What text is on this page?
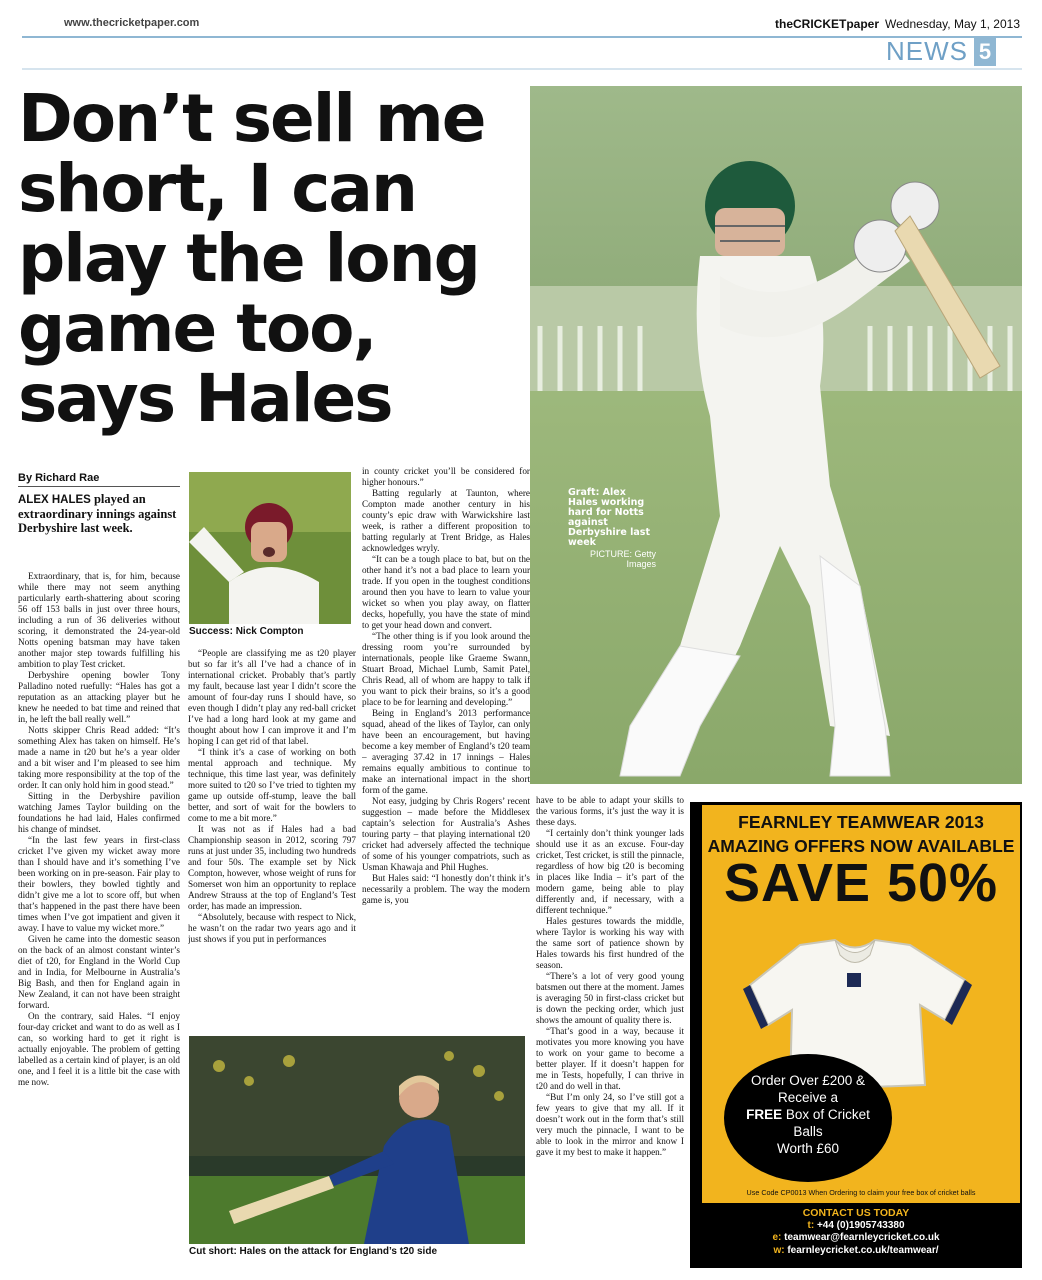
www.thecricketpaper.com	theCRICKETpaper Wednesday, May 1, 2013
NEWS 5
Don’t sell me short, I can play the long game too, says Hales
Graft: Alex Hales working hard for Notts against Derbyshire last week
PICTURE: Getty
Images
By Richard Rae
ALEX HALES played an extraordinary innings against Derbyshire last week.

Extraordinary, that is, for him, because while there may not seem anything particularly earth-shattering about scoring 56 off 153 balls in just over three hours, including a run of 36 deliveries without scoring, it demonstrated the 24-year-old Notts opening batsman may have taken another major step towards fulfilling his ambition to play Test cricket.

Derbyshire opening bowler Tony Palladino noted ruefully: “Hales has got a reputation as an attacking player but he knew he needed to bat time and reined that in, he left the ball really well.”

Notts skipper Chris Read added: “It’s something Alex has taken on himself. He’s made a name in t20 but he’s a year older and a bit wiser and I’m pleased to see him taking more responsibility at the top of the order. It can only hold him in good stead.”

Sitting in the Derbyshire pavilion watching James Taylor building on the foundations he had laid, Hales confirmed his change of mindset.

“In the last few years in first-class cricket I’ve given my wicket away more than I should have and it’s something I’ve been working on in pre-season. Fair play to their bowlers, they bowled tightly and didn’t give me a lot to score off, but when that’s happened in the past there have been times when I’ve got impatient and given it away. I have to value my wicket more.”

Given he came into the domestic season on the back of an almost constant winter’s diet of t20, for England in the World Cup and in India, for Melbourne in Australia’s Big Bash, and then for England again in New Zealand, it can not have been straight forward.

On the contrary, said Hales. “I enjoy four-day cricket and want to do as well as I can, so working hard to get it right is actually enjoyable. The problem of getting labelled as a certain kind of player, is an old one, and I feel it is a little bit the case with me now.

Success: Nick Compton

“People are classifying me as t20 player but so far it’s all I’ve had a chance of in international cricket. Probably that’s partly my fault, because last year I didn’t score the amount of four-day runs I should have, so even though I didn’t play any red-ball cricket I’ve had a long hard look at my game and thought about how I can improve it and I’m hoping I can get rid of that label.

“I think it’s a case of working on both mental approach and technique. My technique, this time last year, was definitely more suited to t20 so I’ve tried to tighten my game up outside off-stump, leave the ball better, and sort of wait for the bowlers to come to me a bit more.”

It was not as if Hales had a bad Championship season in 2012, scoring 797 runs at just under 35, including two hundreds and four 50s. The example set by Nick Compton, however, whose weight of runs for Somerset won him an opportunity to replace Andrew Strauss at the top of England’s Test order, has made an impression.

“Absolutely, because with respect to Nick, he wasn’t on the radar two years ago and it just shows if you put in performances

in county cricket you’ll be considered for higher honours.”

Batting regularly at Taunton, where Compton made another century in his county’s epic draw with Warwickshire last week, is rather a different proposition to batting regularly at Trent Bridge, as Hales acknowledges wryly.

“It can be a tough place to bat, but on the other hand it’s not a bad place to learn your trade. If you open in the toughest conditions around then you have to learn to value your wicket so when you play away, on flatter decks, hopefully, you have the state of mind to get your head down and convert.

“The other thing is if you look around the dressing room you’re surrounded by internationals, people like Graeme Swann, Stuart Broad, Michael Lumb, Samit Patel, Chris Read, all of whom are happy to talk if you want to pick their brains, so it’s a good place to be for learning and developing.”

Being in England’s 2013 performance squad, ahead of the likes of Taylor, can only have been an encouragement, but having become a key member of England’s t20 team – averaging 37.42 in 17 innings – Hales remains equally ambitious to continue to make an international impact in the short form of the game.

Not easy, judging by Chris Rogers’ recent suggestion – made before the Middlesex captain’s selection for Australia’s Ashes touring party – that playing international t20 cricket had adversely affected the technique of some of his younger compatriots, such as Usman Khawaja and Phil Hughes.

But Hales said: “I honestly don’t think it’s necessarily a problem. The way the modern game is, you

Cut short: Hales on the attack for England’s t20 side

have to be able to adapt your skills to the various forms, it’s just the way it is these days.

“I certainly don’t think younger lads should use it as an excuse. Four-day cricket, Test cricket, is still the pinnacle, regardless of how big t20 is becoming in places like India – it’s part of the modern game, being able to play differently and, if necessary, with a different technique.”

Hales gestures towards the middle, where Taylor is working his way with the same sort of patience shown by Hales towards his first hundred of the season.

“There’s a lot of very good young batsmen out there at the moment. James is averaging 50 in first-class cricket but is down the pecking order, which just shows the amount of quality there is.

“That’s good in a way, because it motivates you more knowing you have to work on your game to become a better player. If it doesn’t happen for me in Tests, hopefully, I can thrive in t20 and do well in that.

“But I’m only 24, so I’ve still got a few years to give that my all. If it doesn’t work out in the form that’s still very much the pinnacle, I want to be able to look in the mirror and know I gave it my best to make it happen.”

FEARNLEY TEAMWEAR 2013
AMAZING OFFERS NOW AVAILABLE
SAVE 50%
Order Over £200 &
Receive a
FREE Box of Cricket
Balls
Worth £60
Use Code CP0013 When Ordering to claim your free box of cricket balls
CONTACT US TODAY
t: +44 (0)1905743380
e: teamwear@fearnleycricket.co.uk
w: fearnleycricket.co.uk/teamwear/
